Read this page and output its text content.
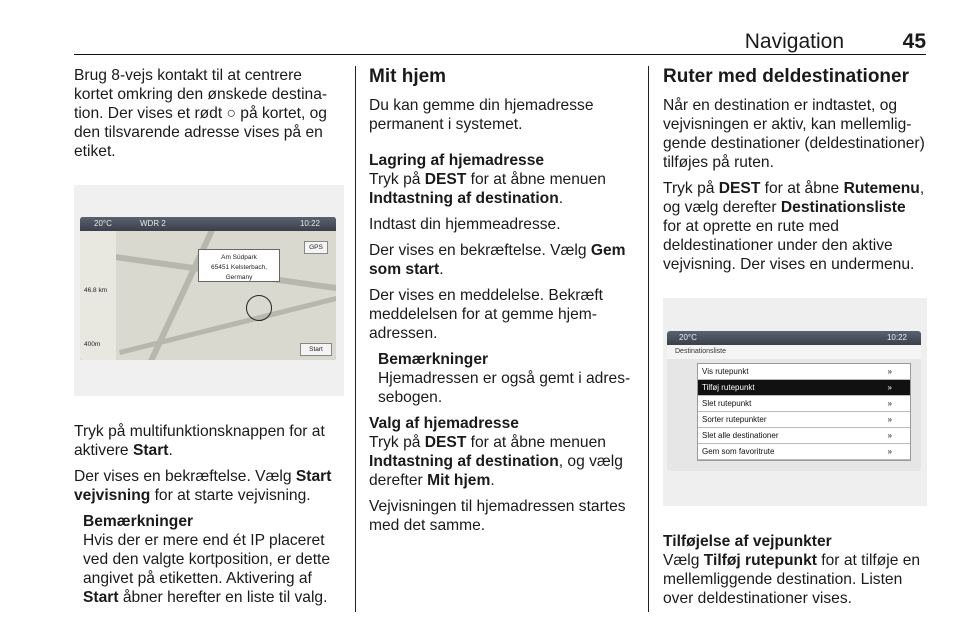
Navigation	45

Brug 8-vejs kontakt til at centrere kortet omkring den ønskede destination. Der vises et rødt ○ på kortet, og den tilsvarende adresse vises på en etiket.

20°C	WDR 2	10:22
46.8 km
400m
Am Südpark
65451 Kelsterbach, Germany
GPS
Start

Tryk på multifunktionsknappen for at aktivere Start.

Der vises en bekræftelse. Vælg Start vejvisning for at starte vejvisning.

Bemærkninger
Hvis der er mere end ét IP placeret ved den valgte kortposition, er dette angivet på etiketten. Aktivering af Start åbner herefter en liste til valg.
Mit hjem

Du kan gemme din hjemadresse permanent i systemet.

Lagring af hjemadresse

Tryk på DEST for at åbne menuen Indtastning af destination.

Indtast din hjemmeadresse.

Der vises en bekræftelse. Vælg Gem som start.

Der vises en meddelelse. Bekræft meddelelsen for at gemme hjemadressen.

Bemærkninger
Hjemadressen er også gemt i adressebogen.
Valg af hjemadresse

Tryk på DEST for at åbne menuen Indtastning af destination, og vælg derefter Mit hjem.

Vejvisningen til hjemadressen startes med det samme.

Ruter med deldestinationer

Når en destination er indtastet, og vejvisningen er aktiv, kan mellemliggende destinationer (deldestinationer) tilføjes på ruten.

Tryk på DEST for at åbne Rutemenu, og vælg derefter Destinationsliste for at oprette en rute med deldestinationer under den aktive vejvisning. Der vises en undermenu.

20°C	10:22
Destinationsliste
Vis rutepunkt	»
Tilføj rutepunkt	»
Slet rutepunkt	»
Sorter rutepunkter	»
Slet alle destinationer	»
Gem som favoritrute	»
Tilføjelse af vejpunkter

Vælg Tilføj rutepunkt for at tilføje en mellemliggende destination. Listen over deldestinationer vises.
